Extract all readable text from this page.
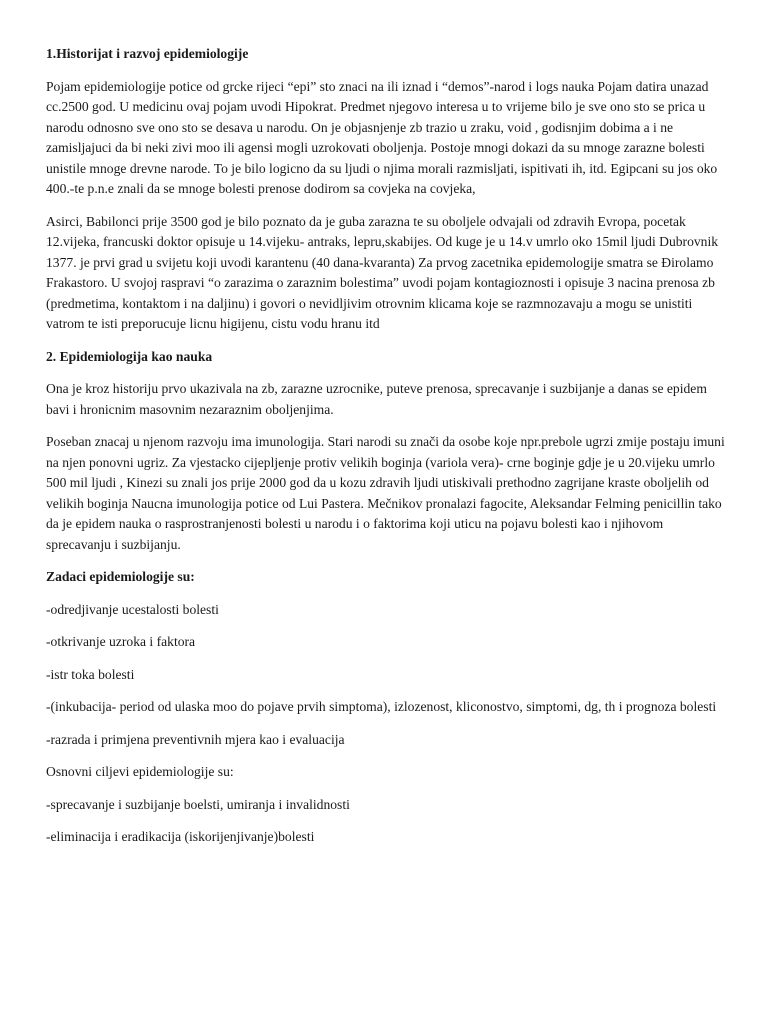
1.Historijat i razvoj epidemiologije

Pojam epidemiologije potice od grcke rijeci “epi” sto znaci na ili iznad i “demos”-narod i logs nauka Pojam datira unazad cc.2500 god. U medicinu ovaj pojam uvodi Hipokrat. Predmet njegovo interesa u to vrijeme bilo je sve ono sto se prica u narodu odnosno sve ono sto se desava u narodu. On je objasnjenje zb trazio u zraku, void , godisnjim dobima a i ne zamisljajuci da bi neki zivi moo ili agensi mogli uzrokovati oboljenja. Postoje mnogi dokazi da su mnoge zarazne bolesti unistile mnoge drevne narode. To je bilo logicno da su ljudi o njima morali razmisljati, ispitivati ih, itd. Egipcani su jos oko 400.-te p.n.e znali da se mnoge bolesti prenose dodirom sa covjeka na covjeka,

Asirci, Babilonci prije 3500 god je bilo poznato da je guba zarazna te su oboljele odvajali od zdravih Evropa, pocetak 12.vijeka, francuski doktor opisuje u 14.vijeku- antraks, lepru,skabijes. Od kuge je u 14.v umrlo oko 15mil ljudi Dubrovnik 1377. je prvi grad u svijetu koji uvodi karantenu (40 dana-kvaranta) Za prvog zacetnika epidemologije smatra se Đirolamo Frakastoro. U svojoj raspravi “o zarazima o zaraznim bolestima” uvodi pojam kontagioznosti i opisuje 3 nacina prenosa zb (predmetima, kontaktom i na daljinu) i govori o nevidljivim otrovnim klicama koje se razmnozavaju a mogu se unistiti vatrom te isti preporucuje licnu higijenu, cistu vodu hranu itd

2. Epidemiologija kao nauka

Ona je kroz historiju prvo ukazivala na zb, zarazne uzrocnike, puteve prenosa, sprecavanje i suzbijanje a danas se epidem bavi i hronicnim masovnim nezaraznim oboljenjima.

Poseban znacaj u njenom razvoju ima imunologija. Stari narodi su znači da osobe koje npr.prebole ugrzi zmije postaju imuni na njen ponovni ugriz. Za vjestacko cijepljenje protiv velikih boginja (variola vera)- crne boginje gdje je u 20.vijeku umrlo 500 mil ljudi , Kinezi su znali jos prije 2000 god da u kozu zdravih ljudi utiskivali prethodno zagrijane kraste oboljelih od velikih boginja Naucna imunologija potice od Lui Pastera. Mečnikov pronalazi fagocite, Aleksandar Felming penicillin tako da je epidem nauka o rasprostranjenosti bolesti u narodu i o faktorima koji uticu na pojavu bolesti kao i njihovom sprecavanju i suzbijanju.

Zadaci epidemiologije su:

-odredjivanje ucestalosti bolesti

-otkrivanje uzroka i faktora

-istr toka bolesti

-(inkubacija- period od ulaska moo do pojave prvih simptoma), izlozenost, kliconostvo, simptomi, dg, th i prognoza bolesti

-razrada i primjena preventivnih mjera kao i evaluacija

Osnovni ciljevi epidemiologije su:

-sprecavanje i suzbijanje boelsti, umiranja i invalidnosti

-eliminacija i eradikacija (iskorijenjivanje)bolesti
